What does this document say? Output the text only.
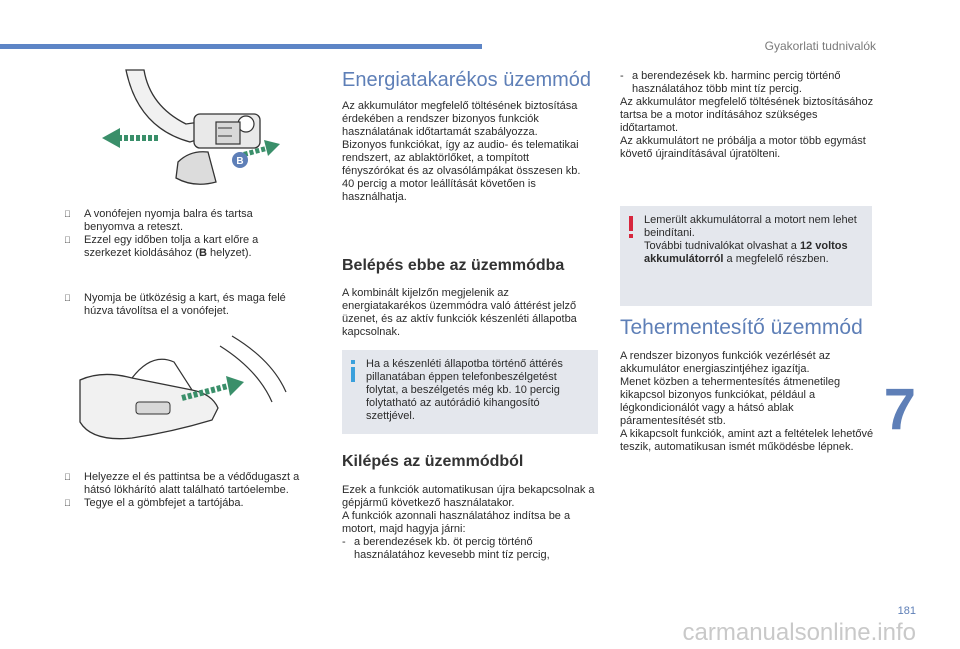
Gyakorlati tudnivalók
B

A vonófejen nyomja balra és tartsa benyomva a reteszt.

Ezzel egy időben tolja a kart előre a szerkezet kioldásához (B helyzet).

Nyomja be ütközésig a kart, és maga felé húzva távolítsa el a vonófejet.

Helyezze el és pattintsa be a védődugaszt a hátsó lökhárító alatt található tartóelembe.

Tegye el a gömbfejet a tartójába.

Energiatakarékos üzemmód

Az akkumulátor megfelelő töltésének biztosítása érdekében a rendszer bizonyos funkciók használatának időtartamát szabályozza.

Bizonyos funkciókat, így az audio- és telematikai rendszert, az ablaktörlőket, a tompított fényszórókat és az olvasólámpákat összesen kb. 40 percig a motor leállítását követően is használhatja.

Belépés ebbe az üzemmódba

A kombinált kijelzőn megjelenik az energiatakarékos üzemmódra való áttérést jelző üzenet, és az aktív funkciók készenléti állapotba kapcsolnak.

Ha a készenléti állapotba történő áttérés pillanatában éppen telefonbeszélgetést folytat, a beszélgetés még kb. 10 percig folytatható az autórádió kihangosító szettjével.
Kilépés az üzemmódból

Ezek a funkciók automatikusan újra bekapcsolnak a gépjármű következő használatakor.

A funkciók azonnali használatához indítsa be a motort, majd hagyja járni:

- a berendezések kb. öt percig történő használatához kevesebb mint tíz percig,

- a berendezések kb. harminc percig történő használatához több mint tíz percig.

Az akkumulátor megfelelő töltésének biztosításához tartsa be a motor indításához szükséges időtartamot.

Az akkumulátort ne próbálja a motor több egymást követő újraindításával újratölteni.

Lemerült akkumulátorral a motort nem lehet beindítani.
További tudnivalókat olvashat a 12 voltos akkumulátorról a megfelelő részben.
Tehermentesítő üzemmód

A rendszer bizonyos funkciók vezérlését az akkumulátor energiaszintjéhez igazítja.

Menet közben a tehermentesítés átmenetileg kikapcsol bizonyos funkciókat, például a légkondicionálót vagy a hátsó ablak páramentesítését stb.

A kikapcsolt funkciók, amint azt a feltételek lehetővé teszik, automatikusan ismét működésbe lépnek.

7
181
carmanualsonline.info
